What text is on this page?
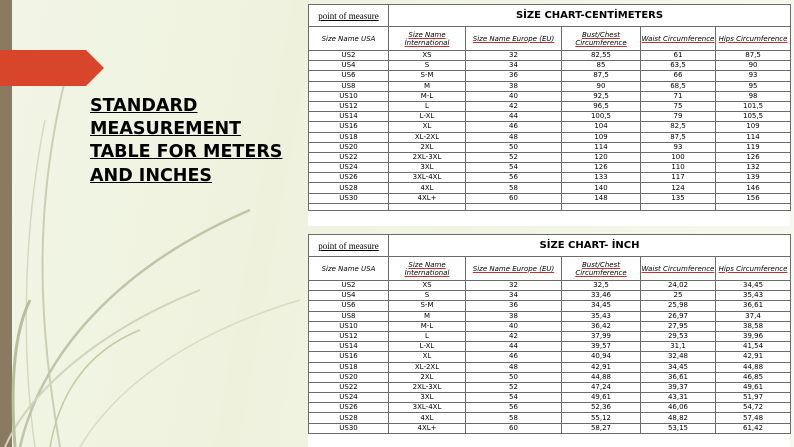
STANDARD MEASUREMENT TABLE FOR METERS AND INCHES
point of measure	SİZE CHART-CENTİMETERS				
Size Name USA	Size Name İnternational	Size Name Europe (EU)	Bust/Chest Circumference	Waist Circumference	Hips Circumference
US2	XS	32	82,55	61	87,5
US4	S	34	85	63,5	90
US6	S-M	36	87,5	66	93
US8	M	38	90	68,5	95
US10	M-L	40	92,5	71	98
US12	L	42	96,5	75	101,5
US14	L-XL	44	100,5	79	105,5
US16	XL	46	104	82,5	109
US18	XL-2XL	48	109	87,5	114
US20	2XL	50	114	93	119
US22	2XL-3XL	52	120	100	126
US24	3XL	54	126	110	132
US26	3XL-4XL	56	133	117	139
US28	4XL	58	140	124	146
US30	4XL+	60	148	135	156

point of measure	SİZE CHART- İNCH				
Size Name USA	Size Name İnternational	Size Name Europe (EU)	Bust/Chest Circumference	Waist Circumference	Hips Circumference
US2	XS	32	32,5	24,02	34,45
US4	S	34	33,46	25	35,43
US6	S-M	36	34,45	25,98	36,61
US8	M	38	35,43	26,97	37,4
US10	M-L	40	36,42	27,95	38,58
US12	L	42	37,99	29,53	39,96
US14	L-XL	44	39,57	31,1	41,54
US16	XL	46	40,94	32,48	42,91
US18	XL-2XL	48	42,91	34,45	44,88
US20	2XL	50	44,88	36,61	46,85
US22	2XL-3XL	52	47,24	39,37	49,61
US24	3XL	54	49,61	43,31	51,97
US26	3XL-4XL	56	52,36	46,06	54,72
US28	4XL	58	55,12	48,82	57,48
US30	4XL+	60	58,27	53,15	61,42
